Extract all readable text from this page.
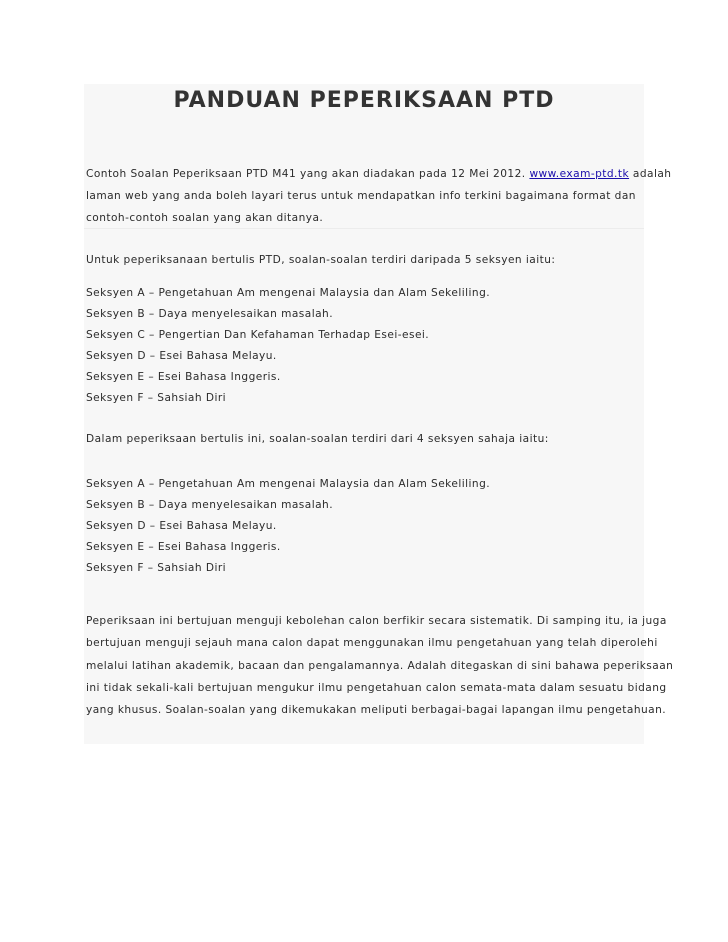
PANDUAN PEPERIKSAAN PTD
Contoh Soalan Peperiksaan PTD M41 yang akan diadakan pada 12 Mei 2012. www.exam-ptd.tk adalah
laman web yang anda boleh layari terus untuk mendapatkan info terkini bagaimana format dan
contoh-contoh soalan yang akan ditanya.
Untuk peperiksanaan bertulis PTD, soalan-soalan terdiri daripada 5 seksyen iaitu:
Seksyen A – Pengetahuan Am mengenai Malaysia dan Alam Sekeliling.
Seksyen B – Daya menyelesaikan masalah.
Seksyen C – Pengertian Dan Kefahaman Terhadap Esei-esei.
Seksyen D – Esei Bahasa Melayu.
Seksyen E – Esei Bahasa Inggeris.
Seksyen F – Sahsiah Diri
Dalam peperiksaan bertulis ini, soalan-soalan terdiri dari 4 seksyen sahaja iaitu:
Seksyen A – Pengetahuan Am mengenai Malaysia dan Alam Sekeliling.
Seksyen B – Daya menyelesaikan masalah.
Seksyen D – Esei Bahasa Melayu.
Seksyen E – Esei Bahasa Inggeris.
Seksyen F – Sahsiah Diri
Peperiksaan ini bertujuan menguji kebolehan calon berfikir secara sistematik. Di samping itu, ia juga
bertujuan menguji sejauh mana calon dapat menggunakan ilmu pengetahuan yang telah diperolehi
melalui latihan akademik, bacaan dan pengalamannya. Adalah ditegaskan di sini bahawa peperiksaan
ini tidak sekali-kali bertujuan mengukur ilmu pengetahuan calon semata-mata dalam sesuatu bidang
yang khusus. Soalan-soalan yang dikemukakan meliputi berbagai-bagai lapangan ilmu pengetahuan.
